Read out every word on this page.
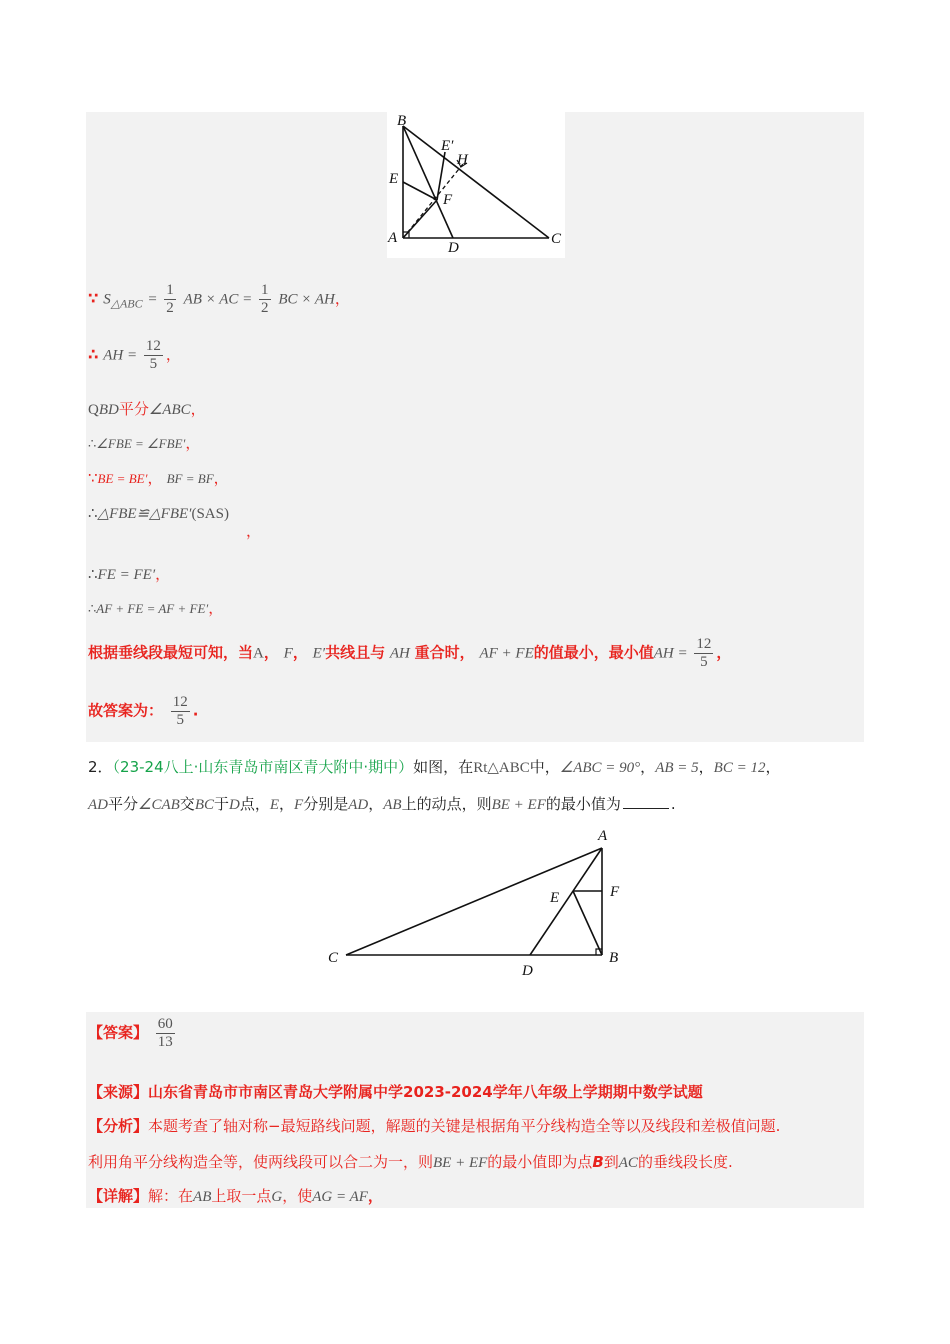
B
E′
H
E
F
A
D
C
∵ $S_{\triangle ABC} = \frac{1}{2}$ AB × AC = $\frac{1}{2}$ BC × AH，
∴ AH = $\frac{12}{5}$ ，
QBD平分∠ABC，
∴∠FBE = ∠FBE′，
∵BE = BE′， BF = BF，
∴△FBE≌△FBE′(SAS)
，
∴FE = FE′，
∴AF + FE = AF + FE′，
根据垂线段最短可知，当A， F， E′共线且与 AH 重合时， AF + FE的值最小，最小值AH = $\frac{12}{5}$ ，
故答案为： $\frac{12}{5}$ .
2．（23-24八上·山东青岛市南区青大附中·期中）如图，在Rt△ABC中，∠ABC = 90°，AB = 5，BC = 12，
AD平分∠CAB交BC于D点，E，F分别是AD，AB上的动点，则BE + EF的最小值为	.
A
E	F
C
D
B
【答案】 $\frac{60}{13}$
【来源】山东省青岛市市南区青岛大学附属中学2023-2024学年八年级上学期期中数学试题
【分析】本题考查了轴对称−最短路线问题，解题的关键是根据角平分线构造全等以及线段和差极值问题.
利用角平分线构造全等，使两线段可以合二为一，则BE + EF的最小值即为点B到AC的垂线段长度.
【详解】解：在AB上取一点G，使AG = AF，
